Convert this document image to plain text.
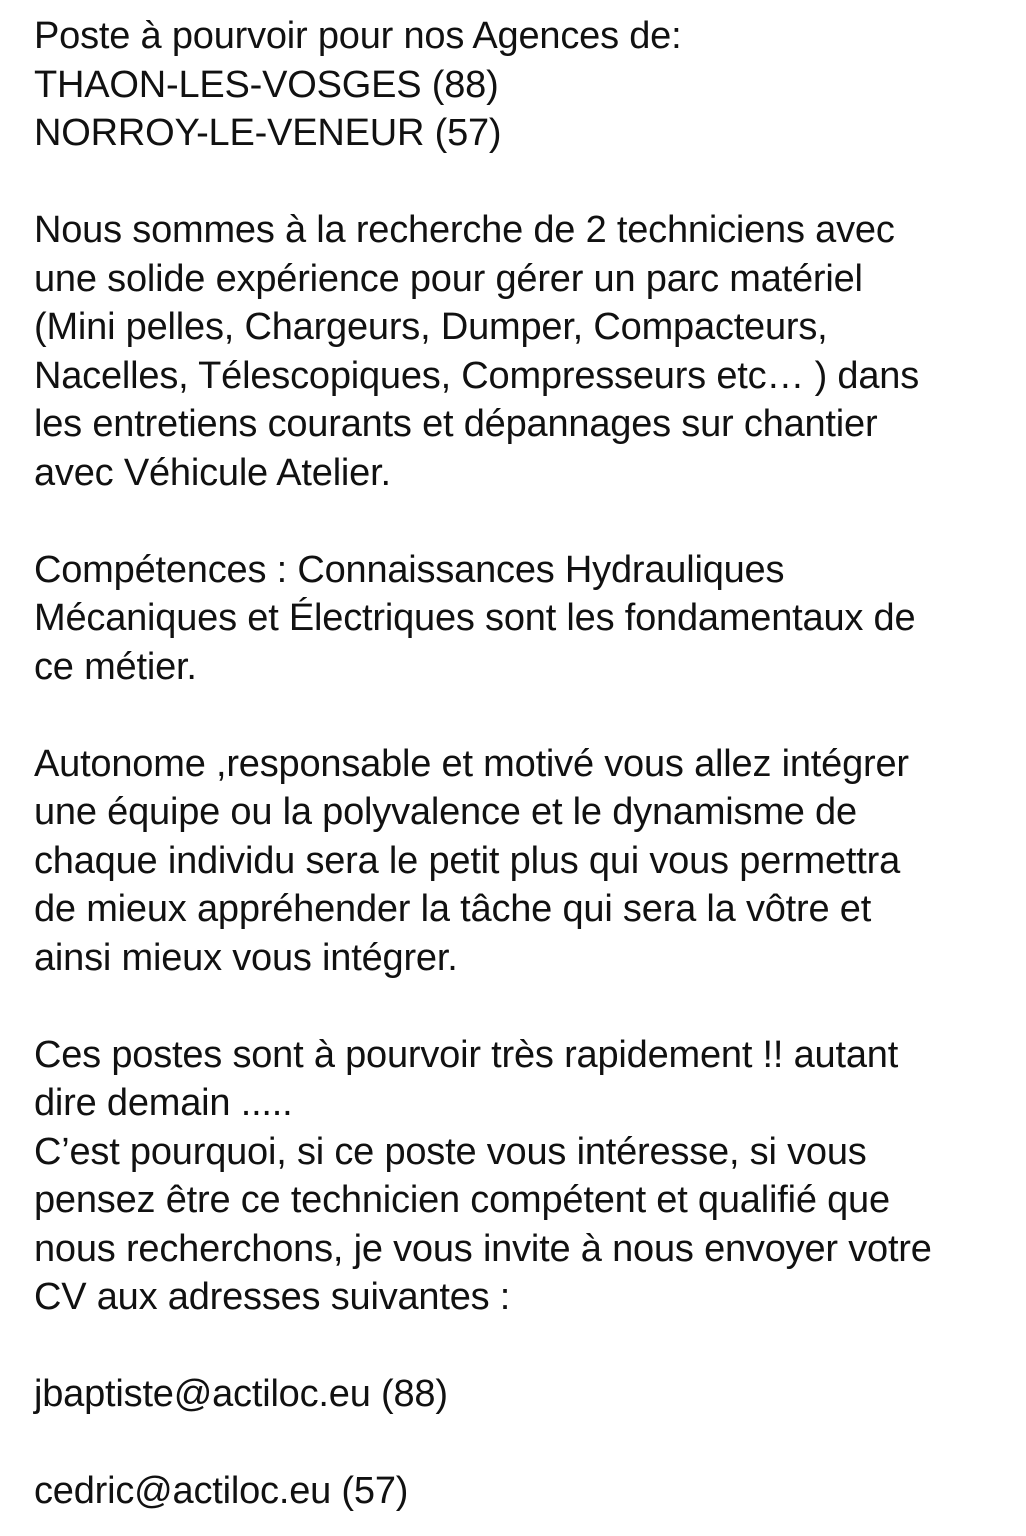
Poste à pourvoir pour nos Agences de:
THAON-LES-VOSGES (88)
NORROY-LE-VENEUR (57)
Nous sommes à la recherche de 2 techniciens avec
une solide expérience pour gérer un parc matériel
(Mini pelles, Chargeurs, Dumper, Compacteurs,
Nacelles, Télescopiques, Compresseurs etc… ) dans
les entretiens courants et dépannages sur chantier
avec Véhicule Atelier.
Compétences : Connaissances Hydrauliques
Mécaniques et Électriques sont les fondamentaux de
ce métier.
Autonome ,responsable et motivé vous allez intégrer
une équipe ou la polyvalence et le dynamisme de
chaque individu sera le petit plus qui vous permettra
de mieux appréhender la tâche qui sera la vôtre et
ainsi mieux vous intégrer.
Ces postes sont à pourvoir très rapidement !! autant
dire demain .....
C’est pourquoi, si ce poste vous intéresse, si vous
pensez être ce technicien compétent et qualifié que
nous recherchons, je vous invite à nous envoyer votre
CV aux adresses suivantes :
jbaptiste@actiloc.eu (88)
cedric@actiloc.eu (57)
